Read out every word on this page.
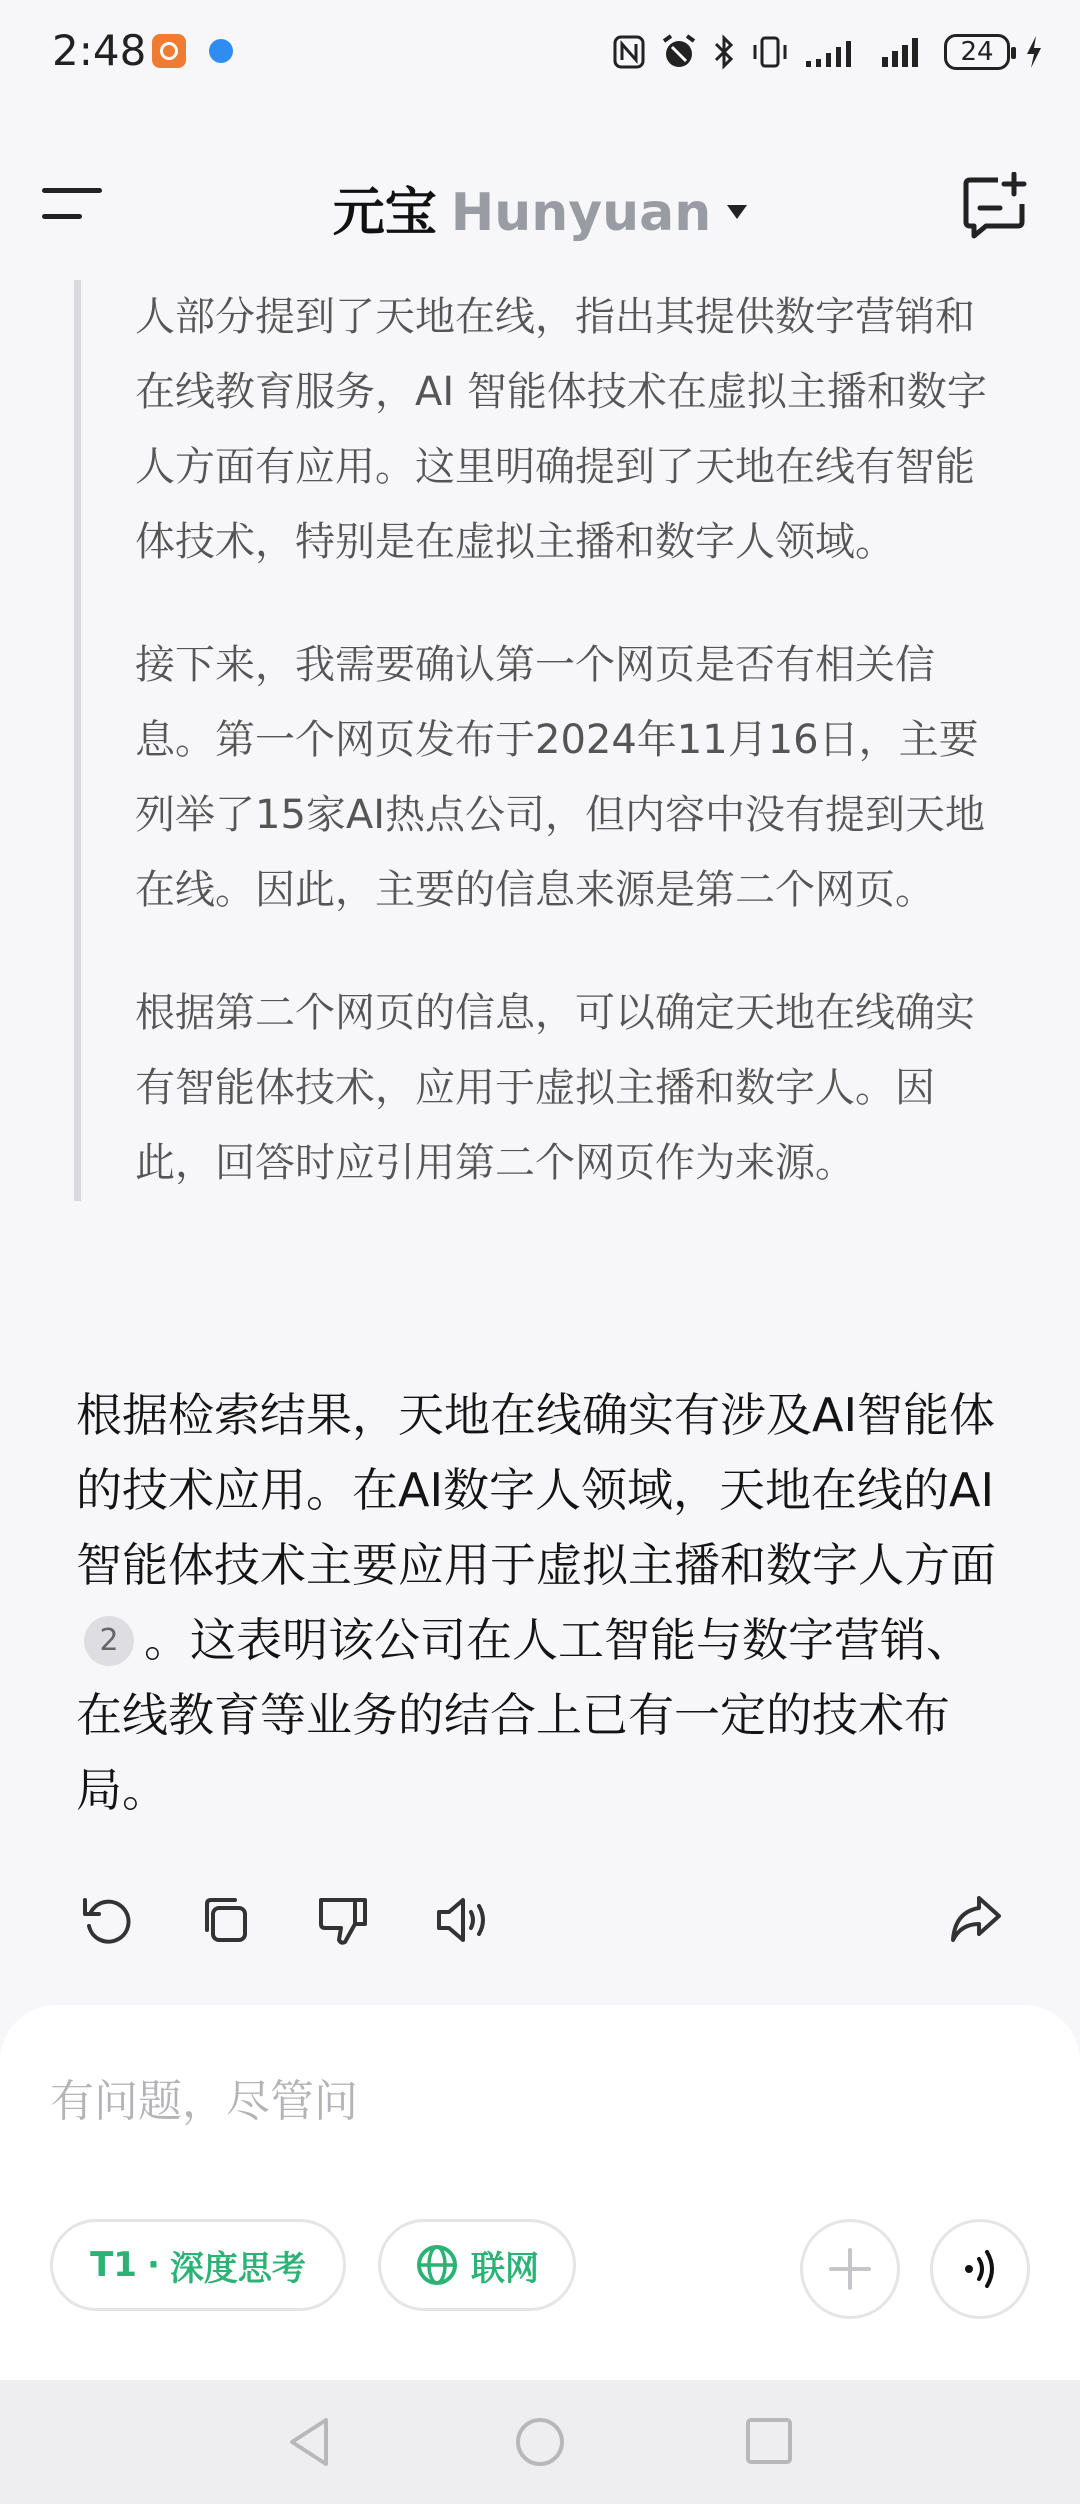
2:48	24
元宝 Hunyuan

人部分提到了天地在线，指出其提供数字营销和在线教育服务，AI 智能体技术在虚拟主播和数字人方面有应用。这里明确提到了天地在线有智能体技术，特别是在虚拟主播和数字人领域。

接下来，我需要确认第一个网页是否有相关信息。第一个网页发布于2024年11月16日，主要列举了15家AI热点公司，但内容中没有提到天地在线。因此，主要的信息来源是第二个网页。

根据第二个网页的信息，可以确定天地在线确实有智能体技术，应用于虚拟主播和数字人。因此，回答时应引用第二个网页作为来源。

根据检索结果，天地在线确实有涉及AI智能体的技术应用。在AI数字人领域，天地在线的AI智能体技术主要应用于虚拟主播和数字人方面2 。这表明该公司在人工智能与数字营销、在线教育等业务的结合上已有一定的技术布局。

有问题，尽管问
T1 · 深度思考	联网
